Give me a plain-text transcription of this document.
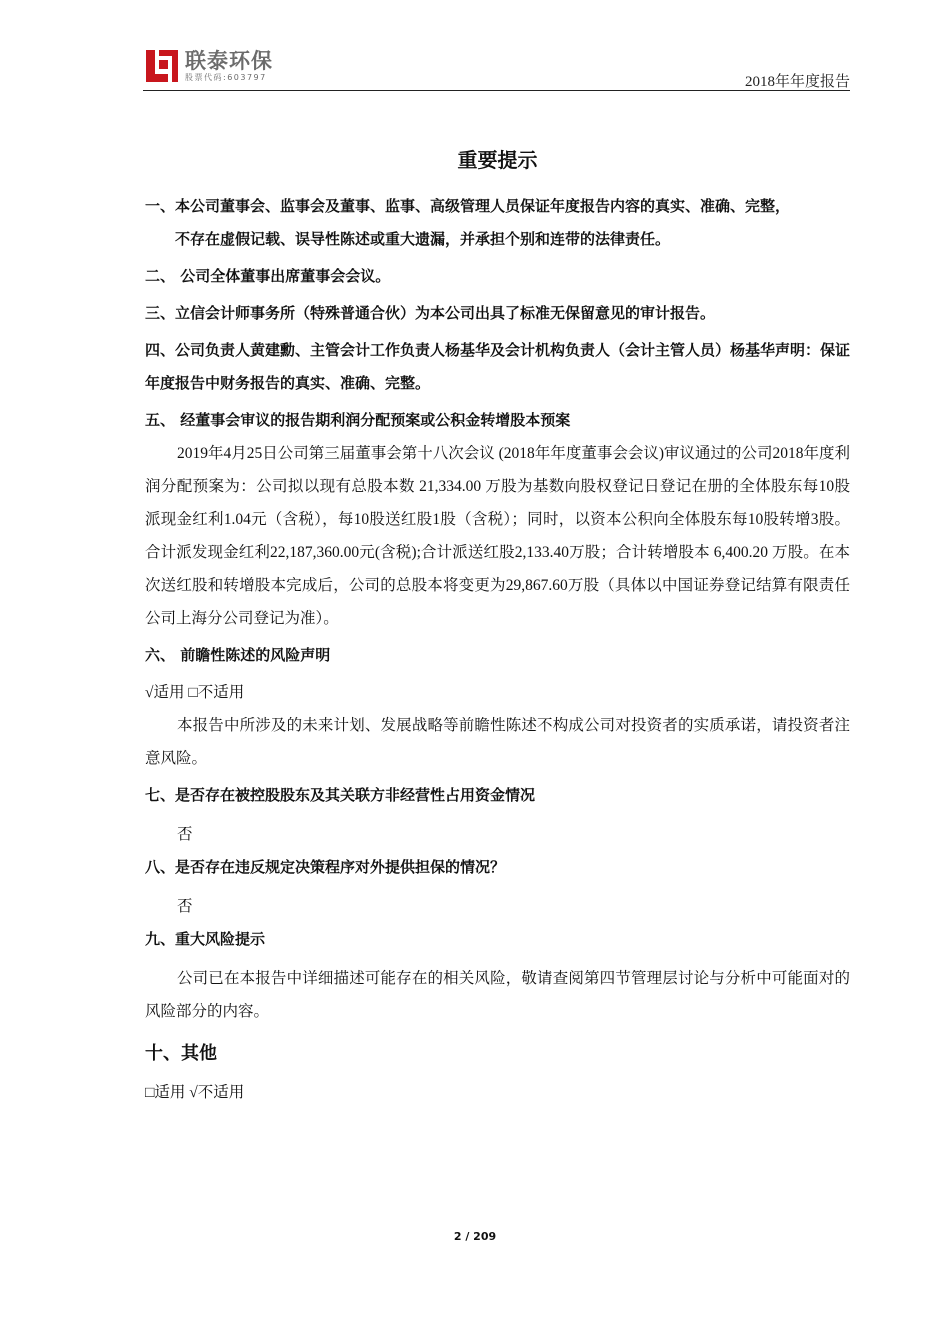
联泰环保
股票代码:603797	2018年年度报告
重要提示

一、本公司董事会、监事会及董事、监事、高级管理人员保证年度报告内容的真实、准确、完整，

不存在虚假记载、误导性陈述或重大遗漏，并承担个别和连带的法律责任。

二、 公司全体董事出席董事会会议。

三、立信会计师事务所（特殊普通合伙）为本公司出具了标准无保留意见的审计报告。

四、公司负责人黄建勳、主管会计工作负责人杨基华及会计机构负责人（会计主管人员）杨基华声明：保证年度报告中财务报告的真实、准确、完整。

五、 经董事会审议的报告期利润分配预案或公积金转增股本预案

2019年4月25日公司第三届董事会第十八次会议 (2018年年度董事会会议)审议通过的公司2018年度利润分配预案为：公司拟以现有总股本数 21,334.00 万股为基数向股权登记日登记在册的全体股东每10股派现金红利1.04元（含税），每10股送红股1股（含税）；同时，以资本公积向全体股东每10股转增3股。合计派发现金红利22,187,360.00元(含税);合计派送红股2,133.40万股；合计转增股本 6,400.20 万股。在本次送红股和转增股本完成后，公司的总股本将变更为29,867.60万股（具体以中国证券登记结算有限责任公司上海分公司登记为准）。

六、 前瞻性陈述的风险声明

√适用 □不适用

本报告中所涉及的未来计划、发展战略等前瞻性陈述不构成公司对投资者的实质承诺，请投资者注意风险。

七、是否存在被控股股东及其关联方非经营性占用资金情况

否

八、是否存在违反规定决策程序对外提供担保的情况？

否

九、重大风险提示

公司已在本报告中详细描述可能存在的相关风险，敬请查阅第四节管理层讨论与分析中可能面对的风险部分的内容。

十、其他

□适用 √不适用

2 / 209
